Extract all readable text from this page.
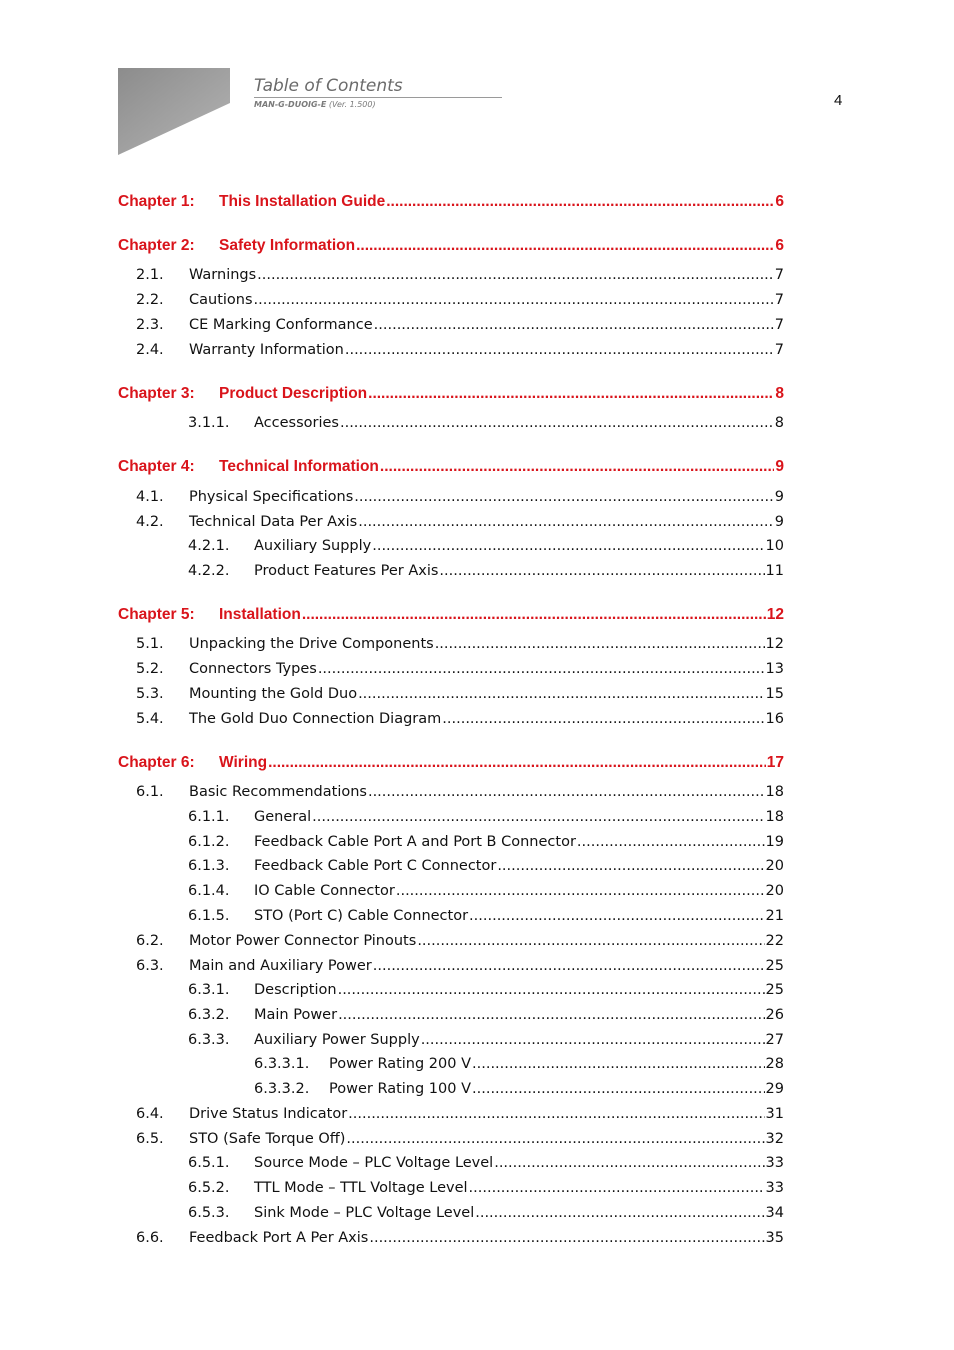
Table of Contents
MAN-G-DUOIG-E (Ver. 1.500)	4
Chapter 1:	This Installation Guide .....	6
Chapter 2:	Safety Information .....	6
2.1.	Warnings .....	7
2.2.	Cautions .....	7
2.3.	CE Marking Conformance .....	7
2.4.	Warranty Information .....	7
Chapter 3:	Product Description .....	8
3.1.1.	Accessories .....	8
Chapter 4:	Technical Information .....	9
4.1.	Physical Specifications .....	9
4.2.	Technical Data Per Axis .....	9
4.2.1.	Auxiliary Supply .....	10
4.2.2.	Product Features Per Axis .....	11
Chapter 5:	Installation .....	12
5.1.	Unpacking the Drive Components .....	12
5.2.	Connectors Types .....	13
5.3.	Mounting the Gold Duo .....	15
5.4.	The Gold Duo Connection Diagram .....	16
Chapter 6:	Wiring .....	17
6.1.	Basic Recommendations .....	18
6.1.1.	General .....	18
6.1.2.	Feedback Cable Port A and Port B Connector .....	19
6.1.3.	Feedback Cable Port C Connector .....	20
6.1.4.	IO Cable Connector .....	20
6.1.5.	STO (Port C) Cable Connector .....	21
6.2.	Motor Power Connector Pinouts .....	22
6.3.	Main and Auxiliary Power .....	25
6.3.1.	Description .....	25
6.3.2.	Main Power .....	26
6.3.3.	Auxiliary Power Supply .....	27
6.3.3.1.	Power Rating 200 V .....	28
6.3.3.2.	Power Rating 100 V .....	29
6.4.	Drive Status Indicator .....	31
6.5.	STO (Safe Torque Off) .....	32
6.5.1.	Source Mode – PLC Voltage Level .....	33
6.5.2.	TTL Mode – TTL Voltage Level .....	33
6.5.3.	Sink Mode – PLC Voltage Level .....	34
6.6.	Feedback Port A Per Axis .....	35
